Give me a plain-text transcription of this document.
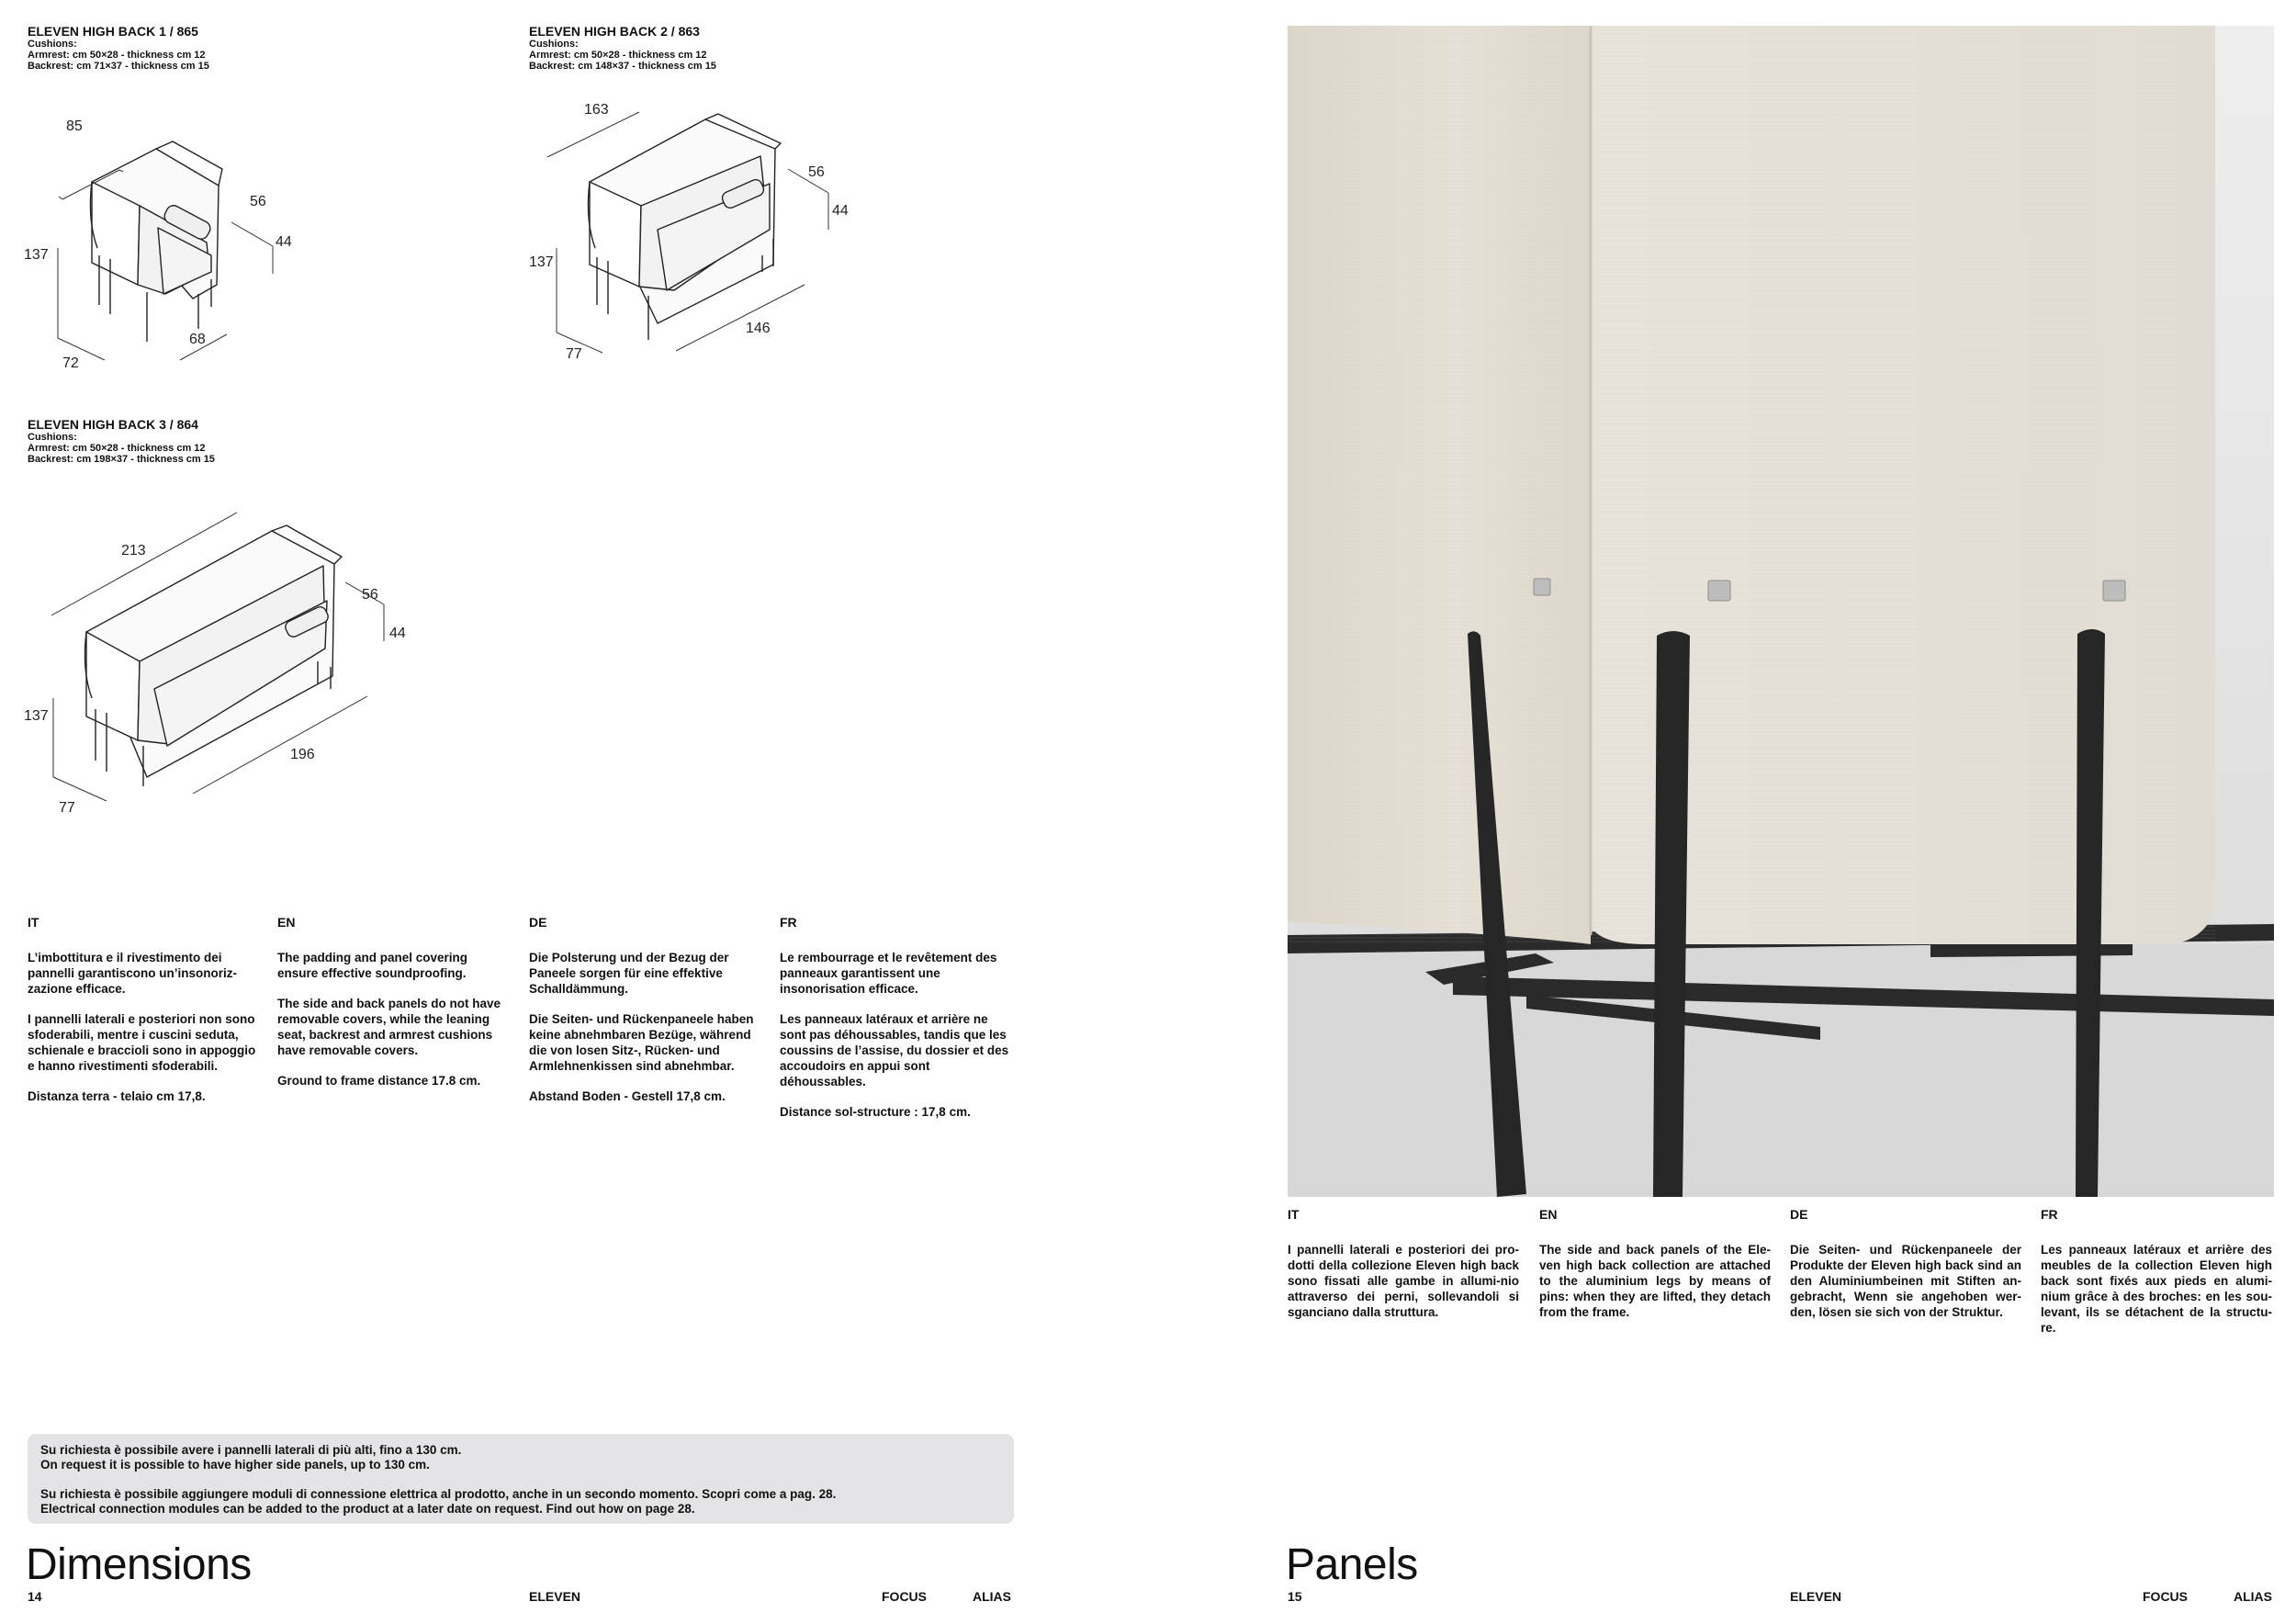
ELEVEN HIGH BACK 1 / 865
Cushions:
Armrest: cm 50×28 - thickness cm 12
Backrest: cm 71×37 - thickness cm 15
ELEVEN HIGH BACK 2 / 863
Cushions:
Armrest: cm 50×28 - thickness cm 12
Backrest: cm 148×37 - thickness cm 15
ELEVEN HIGH BACK 3 / 864
Cushions:
Armrest: cm 50×28 - thickness cm 12
Backrest: cm 198×37 - thickness cm 15
85
137
72
68
56
44
163
137
77
146
56
44
213
137
77
196
56
44
IT

L’imbottitura e il rivestimento dei pannelli garantiscono un’insonoriz-zazione efficace.

I pannelli laterali e posteriori non sono sfoderabili, mentre i cuscini seduta, schienale e braccioli sono in appoggio e hanno rivestimenti sfoderabili.

Distanza terra - telaio cm 17,8.

EN

The padding and panel covering ensure effective soundproofing.

The side and back panels do not have removable covers, while the leaning seat, backrest and armrest cushions have removable covers.

Ground to frame distance 17.8 cm.

DE

Die Polsterung und der Bezug der Paneele sorgen für eine effektive Schalldämmung.

Die Seiten- und Rückenpaneele haben keine abnehmbaren Bezüge, während die von losen Sitz-, Rücken- und Armlehnenkissen sind abnehmbar.

Abstand Boden - Gestell 17,8 cm.

FR

Le rembourrage et le revêtement des panneaux garantissent une insonorisation efficace.

Les panneaux latéraux et arrière ne sont pas déhoussables, tandis que les coussins de l’assise, du dossier et des accoudoirs en appui sont déhoussables.

Distance sol-structure : 17,8 cm.

Su richiesta è possibile avere i pannelli laterali di più alti, fino a 130 cm.
On request it is possible to have higher side panels, up to 130 cm.
Su richiesta è possibile aggiungere moduli di connessione elettrica al prodotto, anche in un secondo momento. Scopri come a pag. 28.
Electrical connection modules can be added to the product at a later date on request. Find out how on page 28.
Dimensions
14	ELEVEN	FOCUS	ALIAS
IT

I pannelli laterali e posteriori dei pro-dotti della collezione Eleven high back sono fissati alle gambe in allumi-nio attraverso dei perni, sollevandoli si sganciano dalla struttura.

EN

The side and back panels of the Ele-ven high back collection are attached to the aluminium legs by means of pins: when they are lifted, they detach from the frame.

DE

Die Seiten- und Rückenpaneele der Produkte der Eleven high back sind an den Aluminiumbeinen mit Stiften an-gebracht, Wenn sie angehoben wer-den, lösen sie sich von der Struktur.

FR

Les panneaux latéraux et arrière des meubles de la collection Eleven high back sont fixés aux pieds en alumi-nium grâce à des broches: en les sou-levant, ils se détachent de la structu-re.

Panels
15	ELEVEN	FOCUS	ALIAS
